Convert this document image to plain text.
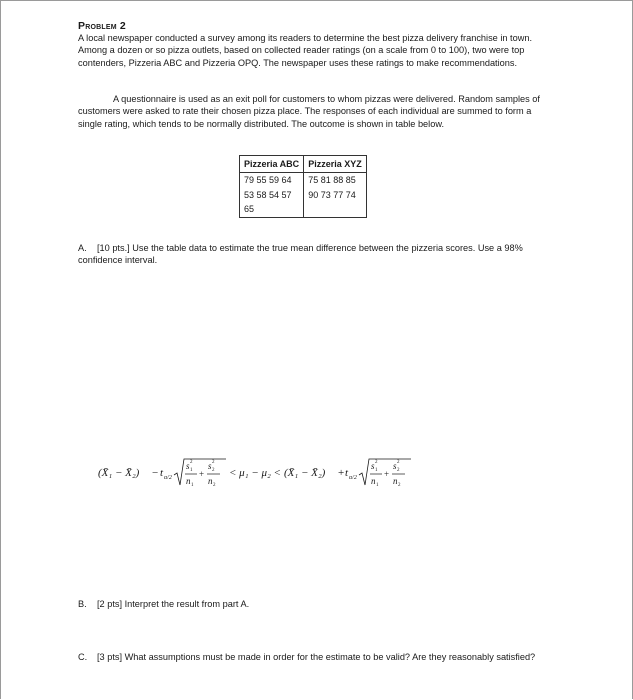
Problem 2

A local newspaper conducted a survey among its readers to determine the best pizza delivery franchise in town. Among a dozen or so pizza outlets, based on collected reader ratings (on a scale from 0 to 100), two were top contenders, Pizzeria ABC and Pizzeria OPQ. The newspaper uses these ratings to make recommendations.

A questionnaire is used as an exit poll for customers to whom pizzas were delivered. Random samples of customers were asked to rate their chosen pizza place. The responses of each individual are summed to form a single rating, which tends to be normally distributed. The outcome is shown in table below.

Pizzeria ABC	Pizzeria XYZ
79 55 59 64	75 81 88 85
53 58 54 57	90 73 77 74
65	
A. [10 pts.] Use the table data to estimate the true mean difference between the pizzeria scores. Use a 98% confidence interval.
(X̄₁ − X̄₂) − t α/2
s 2
1
n 1
+
s 2
2
n 2
< μ₁ − μ₂ < (X̄₁ − X̄₂) + t α/2
s 2
1
n 1
+
s 2
2
n 2
B. [2 pts] Interpret the result from part A.
C. [3 pts] What assumptions must be made in order for the estimate to be valid? Are they reasonably satisfied?
